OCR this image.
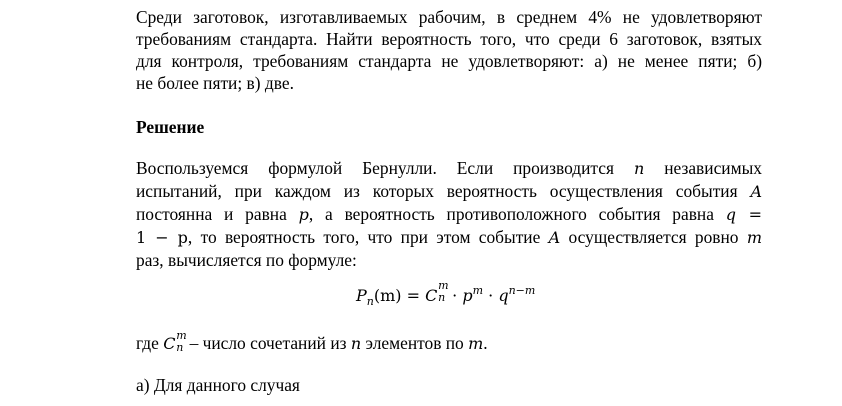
Среди заготовок, изготавливаемых рабочим, в среднем 4% не удовлетворяют
требованиям стандарта. Найти вероятность того, что среди 6 заготовок, взятых
для контроля, требованиям стандарта не удовлетворяют: а) не менее пяти; б)
не более пяти; в) две.
Решение
Воспользуемся формулой Бернулли. Если производится n независимых
испытаний, при каждом из которых вероятность осуществления события A
постоянна и равна p, а вероятность противоположного события равна q =
1 − p, то вероятность того, что при этом событие A осуществляется ровно m
раз, вычисляется по формуле:
$P_n(m) = C$
m
$n \cdot p^m \cdot q^{n-m}$
где C m
n – число сочетаний из n элементов по m.
а) Для данного случая
